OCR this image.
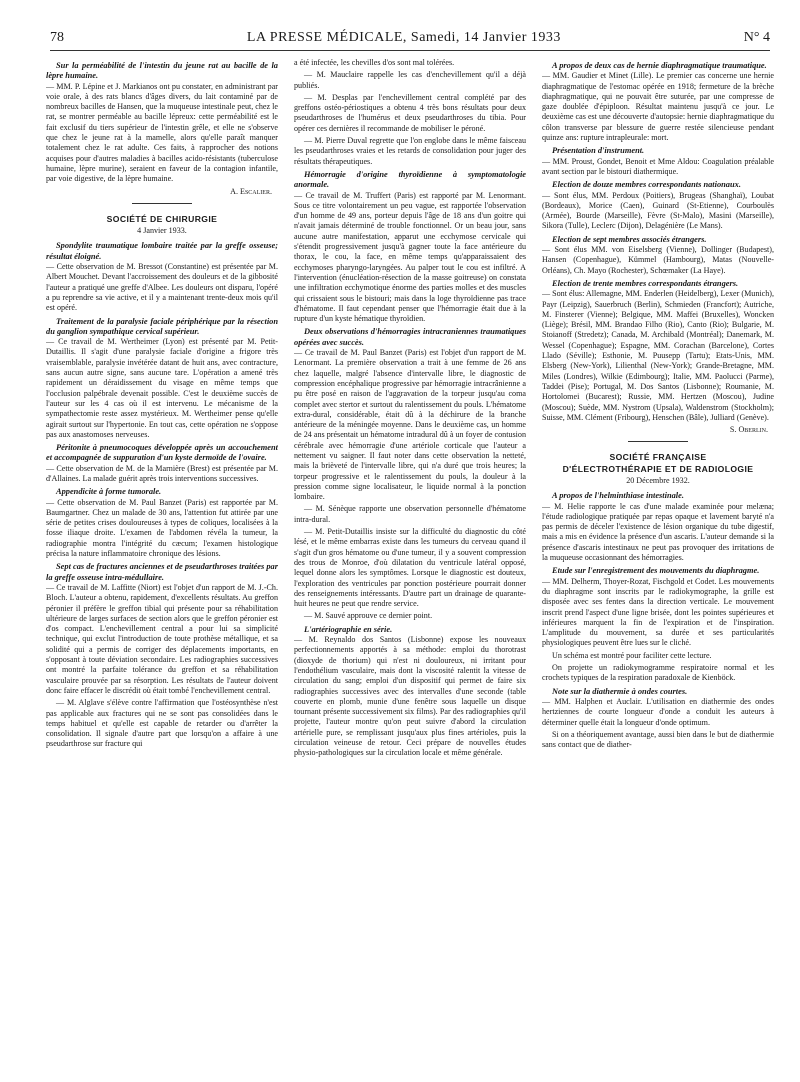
78	LA PRESSE MÉDICALE, Samedi, 14 Janvier 1933	N° 4
Sur la perméabilité de l'intestin du jeune rat au bacille de la lèpre humaine.

— MM. P. Lépine et J. Markianos ont pu constater, en administrant par voie orale, à des rats blancs d'âges divers, du lait contaminé par de nombreux bacilles de Hansen, que la muqueuse intestinale peut, chez le rat, se montrer perméable au bacille lépreux: cette perméabilité est le fait exclusif du tiers supérieur de l'intestin grêle, et elle ne s'observe que chez le jeune rat à la mamelle, alors qu'elle paraît manquer totalement chez le rat adulte. Ces faits, à rapprocher des notions acquises pour d'autres maladies à bacilles acido-résistants (tuberculose humaine, lèpre murine), seraient en faveur de la contagion infantile, par voie digestive, de la lèpre humaine.

A. Escalier.

SOCIÉTÉ DE CHIRURGIE
4 Janvier 1933.
Spondylite traumatique lombaire traitée par la greffe osseuse; résultat éloigné.

— Cette observation de M. Bressot (Constantine) est présentée par M. Albert Mouchet. Devant l'accroissement des douleurs et de la gibbosité l'auteur a pratiqué une greffe d'Albee. Les douleurs ont disparu, l'opéré a pu reprendre sa vie active, et il y a maintenant trente-deux mois qu'il est opéré.

Traitement de la paralysie faciale périphérique par la résection du ganglion sympathique cervical supérieur.

— Ce travail de M. Wertheimer (Lyon) est présenté par M. Petit-Dutaillis. Il s'agit d'une paralysie faciale d'origine a frigore très vraisemblable, paralysie invétérée datant de huit ans, avec contracture, sans aucun autre signe, sans aucune tare. L'opération a amené très rapidement un déraidissement du visage en même temps que l'occlusion palpébrale devenait possible. C'est le deuxième succès de l'auteur sur les 4 cas où il est intervenu. Le mécanisme de la sympathectomie reste assez mystérieux. M. Wertheimer pense qu'elle agirait surtout sur l'hypertonie. En tout cas, cette opération ne s'oppose pas aux anastomoses nerveuses.

Péritonite à pneumocoques développée après un accouchement et accompagnée de suppuration d'un kyste dermoïde de l'ovaire.

— Cette observation de M. de la Marnière (Brest) est présentée par M. d'Allaines. La malade guérit après trois interventions successives.

Appendicite à forme tumorale.

— Cette observation de M. Paul Banzet (Paris) est rapportée par M. Baumgartner. Chez un malade de 30 ans, l'attention fut attirée par une série de petites crises douloureuses à types de coliques, localisées à la fosse iliaque droite. L'examen de l'abdomen révéla la tumeur, la radiographie montra l'intégrité du cæcum; l'examen histologique précisa la nature inflammatoire chronique des lésions.

Sept cas de fractures anciennes et de pseudarthroses traitées par la greffe osseuse intra-médullaire.

— Ce travail de M. Laffitte (Niort) est l'objet d'un rapport de M. J.-Ch. Bloch. L'auteur a obtenu, rapidement, d'excellents résultats. Au greffon péronier il préfère le greffon tibial qui présente pour sa réhabilitation ultérieure de larges surfaces de section alors que le greffon péronier est d'os compact. L'enchevillement central a pour lui sa simplicité technique, qui exclut l'introduction de toute prothèse métallique, et sa solidité qui a permis de corriger des déplacements importants, en s'opposant à toute déviation secondaire. Les radiographies successives ont montré la parfaite tolérance du greffon et sa réhabilitation vasculaire prouvée par sa résorption. Les résultats de l'auteur doivent donc faire effacer le discrédit où était tombé l'enchevillement central.

— M. Alglave s'élève contre l'affirmation que l'ostéosynthèse n'est pas applicable aux fractures qui ne se sont pas consolidées dans le temps habituel et qu'elle est capable de retarder ou d'arrêter la consolidation. Il signale d'autre part que lorsqu'on a affaire à une pseudarthrose sur fracture qui

a été infectée, les chevilles d'os sont mal tolérées.

— M. Mauclaire rappelle les cas d'enchevillement qu'il a déjà publiés.

— M. Desplas par l'enchevillement central complété par des greffons ostéo-périostiques a obtenu 4 très bons résultats pour deux pseudarthroses de l'humérus et deux pseudarthroses du tibia. Pour opérer ces dernières il recommande de mobiliser le péroné.

— M. Pierre Duval regrette que l'on englobe dans le même faisceau les pseudarthroses vraies et les retards de consolidation pour juger des résultats thérapeutiques.

Hémorragie d'origine thyroïdienne à symptomatologie anormale.

— Ce travail de M. Truffert (Paris) est rapporté par M. Lenormant. Sous ce titre volontairement un peu vague, est rapportée l'observation d'un homme de 49 ans, porteur depuis l'âge de 18 ans d'un goitre qui n'avait jamais déterminé de trouble fonctionnel. Or un beau jour, sans aucune autre manifestation, apparut une ecchymose cervicale qui s'étendit progressivement jusqu'à gagner toute la face antérieure du thorax, le cou, la face, en même temps qu'apparaissaient des ecchymoses pharyngo-laryngées. Au palper tout le cou est infiltré. A l'intervention (énucléation-résection de la masse goitreuse) on constata une infiltration ecchymotique énorme des parties molles et des muscles qui crissaient sous le bistouri; mais dans la loge thyroïdienne pas trace d'hématome. Il faut cependant penser que l'hémorragie était due à la rupture d'un kyste hématique thyroïdien.

Deux observations d'hémorragies intracraniennes traumatiques opérées avec succès.

— Ce travail de M. Paul Banzet (Paris) est l'objet d'un rapport de M. Lenormant. La première observation a trait à une femme de 26 ans chez laquelle, malgré l'absence d'intervalle libre, le diagnostic de compression encéphalique progressive par hémorragie intracrânienne a pu être posé en raison de l'aggravation de la torpeur jusqu'au coma complet avec stertor et surtout du ralentissement du pouls. L'hématome extra-dural, considérable, était dû à la déchirure de la branche antérieure de la méningée moyenne. Dans le deuxième cas, un homme de 24 ans présentait un hématome intradural dû à un foyer de contusion cérébrale avec hémorragie d'une artériole corticale que l'auteur a nettement vu saigner. Il faut noter dans cette observation la netteté, mais la brièveté de l'intervalle libre, qui n'a duré que trois heures; la torpeur progressive et le ralentissement du pouls, la douleur à la pression comme signe localisateur, le liquide normal à la ponction lombaire.

— M. Sénèque rapporte une observation personnelle d'hématome intra-dural.

— M. Petit-Dutaillis insiste sur la difficulté du diagnostic du côté lésé, et le même embarras existe dans les tumeurs du cerveau quand il s'agit d'un gros hématome ou d'une tumeur, il y a souvent compression des trous de Monroe, d'où dilatation du ventricule latéral opposé, lequel donne alors les symptômes. Lorsque le diagnostic est douteux, l'exploration des ventricules par ponction postérieure pourrait donner des renseignements intéressants. D'autre part un drainage de quarante-huit heures ne peut que rendre service.

— M. Sauvé approuve ce dernier point.

L'artériographie en série.

— M. Reynaldo dos Santos (Lisbonne) expose les nouveaux perfectionnements apportés à sa méthode: emploi du thorotrast (dioxyde de thorium) qui n'est ni douloureux, ni irritant pour l'endothélium vasculaire, mais dont la viscosité ralentit la vitesse de circulation du sang; emploi d'un dispositif qui permet de faire six radiographies successives avec des intervalles d'une seconde (table couverte en plomb, munie d'une fenêtre sous laquelle un disque tournant présente successivement six films). Par des radiographies qu'il projette, l'auteur montre qu'on peut suivre d'abord la circulation artérielle pure, se remplissant jusqu'aux plus fines artérioles, puis la circulation veineuse de retour. Ceci prépare de nouvelles études physio-pathologiques sur la circulation locale et même générale.

A propos de deux cas de hernie diaphragmatique traumatique.

— MM. Gaudier et Minet (Lille). Le premier cas concerne une hernie diaphragmatique de l'estomac opérée en 1918; fermeture de la brèche diaphragmatique, qui ne pouvait être suturée, par une compresse de gaze doublée d'épiploon. Résultat maintenu jusqu'à ce jour. Le deuxième cas est une découverte d'autopsie: hernie diaphragmatique du côlon transverse par blessure de guerre restée silencieuse pendant quinze ans: rupture intrapleurale: mort.

Présentation d'instrument.

— MM. Proust, Gondet, Benoit et Mme Aldou: Coagulation préalable avant section par le bistouri diathermique.

Election de douze membres correspondants nationaux.

— Sont élus, MM. Perdoux (Poitiers), Brugeas (Shanghaï), Loubat (Bordeaux), Morice (Caen), Guinard (St-Etienne), Courboulès (Armée), Bourde (Marseille), Fèvre (St-Malo), Masini (Marseille), Sikora (Tulle), Leclerc (Dijon), Delagénière (Le Mans).

Election de sept membres associés étrangers.

— Sont élus MM. von Eiselsberg (Vienne), Dollinger (Budapest), Hansen (Copenhague), Kümmel (Hambourg), Matas (Nouvelle-Orléans), Ch. Mayo (Rochester), Schœmaker (La Haye).

Election de trente membres correspondants étrangers.

— Sont élus: Allemagne, MM. Enderlen (Heidelberg), Lexer (Munich), Payr (Leipzig), Sauerbruch (Berlin), Schmieden (Francfort); Autriche, M. Finsterer (Vienne); Belgique, MM. Maffei (Bruxelles), Woncken (Liège); Brésil, MM. Brandao Filho (Rio), Canto (Rio); Bulgarie, M. Stoianoff (Stredetz); Canada, M. Archibald (Montréal); Danemark, M. Wessel (Copenhague); Espagne, MM. Corachan (Barcelone), Cortes Llado (Séville); Esthonie, M. Puusepp (Tartu); Etats-Unis, MM. Elsberg (New-York), Lilienthal (New-York); Grande-Bretagne, MM. Miles (Londres), Wilkie (Edimbourg); Italie, MM. Paolucci (Parme), Taddei (Pise); Portugal, M. Dos Santos (Lisbonne); Roumanie, M. Hortolomei (Bucarest); Russie, MM. Hertzen (Moscou), Judine (Moscou); Suède, MM. Nystrom (Upsala), Waldenstrom (Stockholm); Suisse, MM. Clément (Fribourg), Henschen (Bâle), Julliard (Genève).

S. Oberlin.

SOCIÉTÉ FRANÇAISE
D'ÉLECTROTHÉRAPIE ET DE RADIOLOGIE
20 Décembre 1932.
A propos de l'helminthiase intestinale.

— M. Helie rapporte le cas d'une malade examinée pour melæna; l'étude radiologique pratiquée par repas opaque et lavement baryté n'a pas permis de déceler l'existence de lésion organique du tube digestif, mais a mis en évidence la présence d'un ascaris. L'auteur demande si la présence d'ascaris intestinaux ne peut pas provoquer des irritations de la muqueuse occasionnant des hémorragies.

Etude sur l'enregistrement des mouvements du diaphragme.

— MM. Delherm, Thoyer-Rozat, Fischgold et Codet. Les mouvements du diaphragme sont inscrits par le radiokymographe, la grille est disposée avec ses fentes dans la direction verticale. Le mouvement inscrit prend l'aspect d'une ligne brisée, dont les pointes supérieures et inférieures marquent la fin de l'expiration et de l'inspiration. L'amplitude du mouvement, sa durée et ses particularités physiologiques peuvent être lues sur le cliché.

Un schéma est montré pour faciliter cette lecture.

On projette un radiokymogramme respiratoire normal et les crochets typiques de la respiration paradoxale de Kienböck.

Note sur la diathermie à ondes courtes.

— MM. Halphen et Auclair. L'utilisation en diathermie des ondes hertziennes de courte longueur d'onde a conduit les auteurs à déterminer quelle était la longueur d'onde optimum.

Si on a théoriquement avantage, aussi bien dans le but de diathermie sans contact que de diather-
